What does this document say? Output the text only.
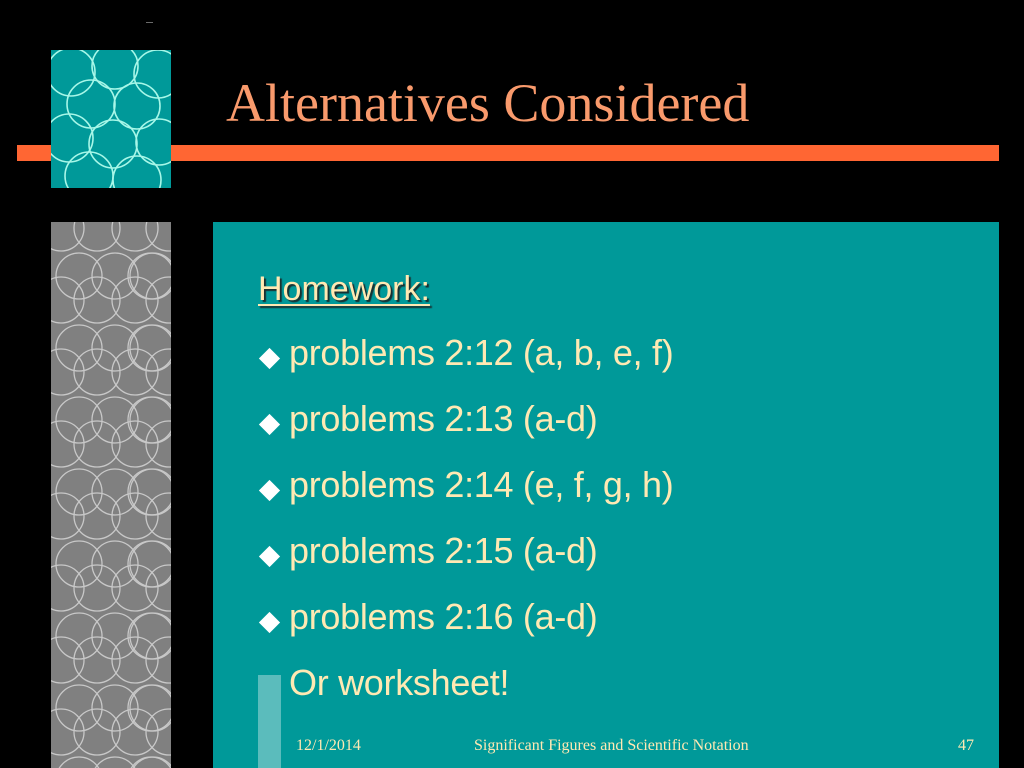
Alternatives Considered
Homework:
problems 2:12 (a, b, e, f)
problems 2:13 (a-d)
problems 2:14 (e, f, g, h)
problems 2:15 (a-d)
problems 2:16 (a-d)
Or worksheet!
12/1/2014	Significant Figures and Scientific Notation	47
